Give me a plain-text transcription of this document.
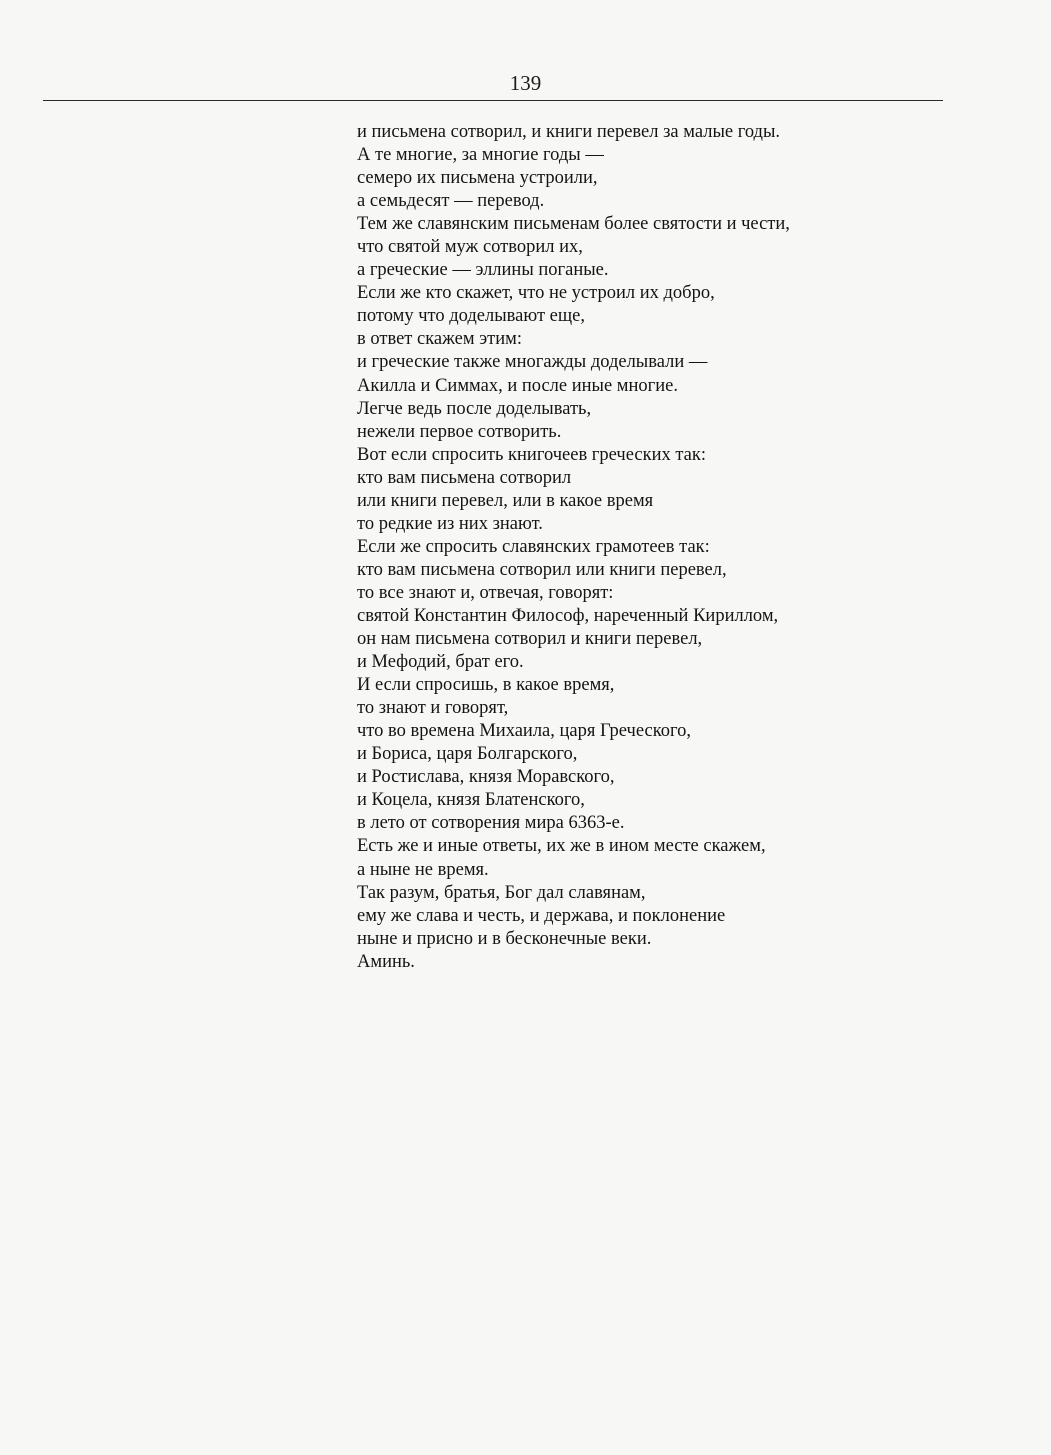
139

и письмена сотворил, и книги перевел за малые годы.
А те многие, за многие годы —
семеро их письмена устроили,
а семьдесят — перевод.
Тем же славянским письменам более святости и чести,
что святой муж сотворил их,
а греческие — эллины поганые.
Если же кто скажет, что не устроил их добро,
потому что доделывают еще,
в ответ скажем этим:
и греческие также многажды доделывали —
Акилла и Симмах, и после иные многие.
Легче ведь после доделывать,
нежели первое сотворить.
Вот если спросить книгочеев греческих так:
кто вам письмена сотворил
или книги перевел, или в какое время
то редкие из них знают.
Если же спросить славянских грамотеев так:
кто вам письмена сотворил или книги перевел,
то все знают и, отвечая, говорят:
святой Константин Философ, нареченный Кириллом,
он нам письмена сотворил и книги перевел,
и Мефодий, брат его.
И если спросишь, в какое время,
то знают и говорят,
что во времена Михаила, царя Греческого,
и Бориса, царя Болгарского,
и Ростислава, князя Моравского,
и Коцела, князя Блатенского,
в лето от сотворения мира 6363-е.
Есть же и иные ответы, их же в ином месте скажем,
а ныне не время.
Так разум, братья, Бог дал славянам,
ему же слава и честь, и держава, и поклонение
ныне и присно и в бесконечные веки.
Аминь.
